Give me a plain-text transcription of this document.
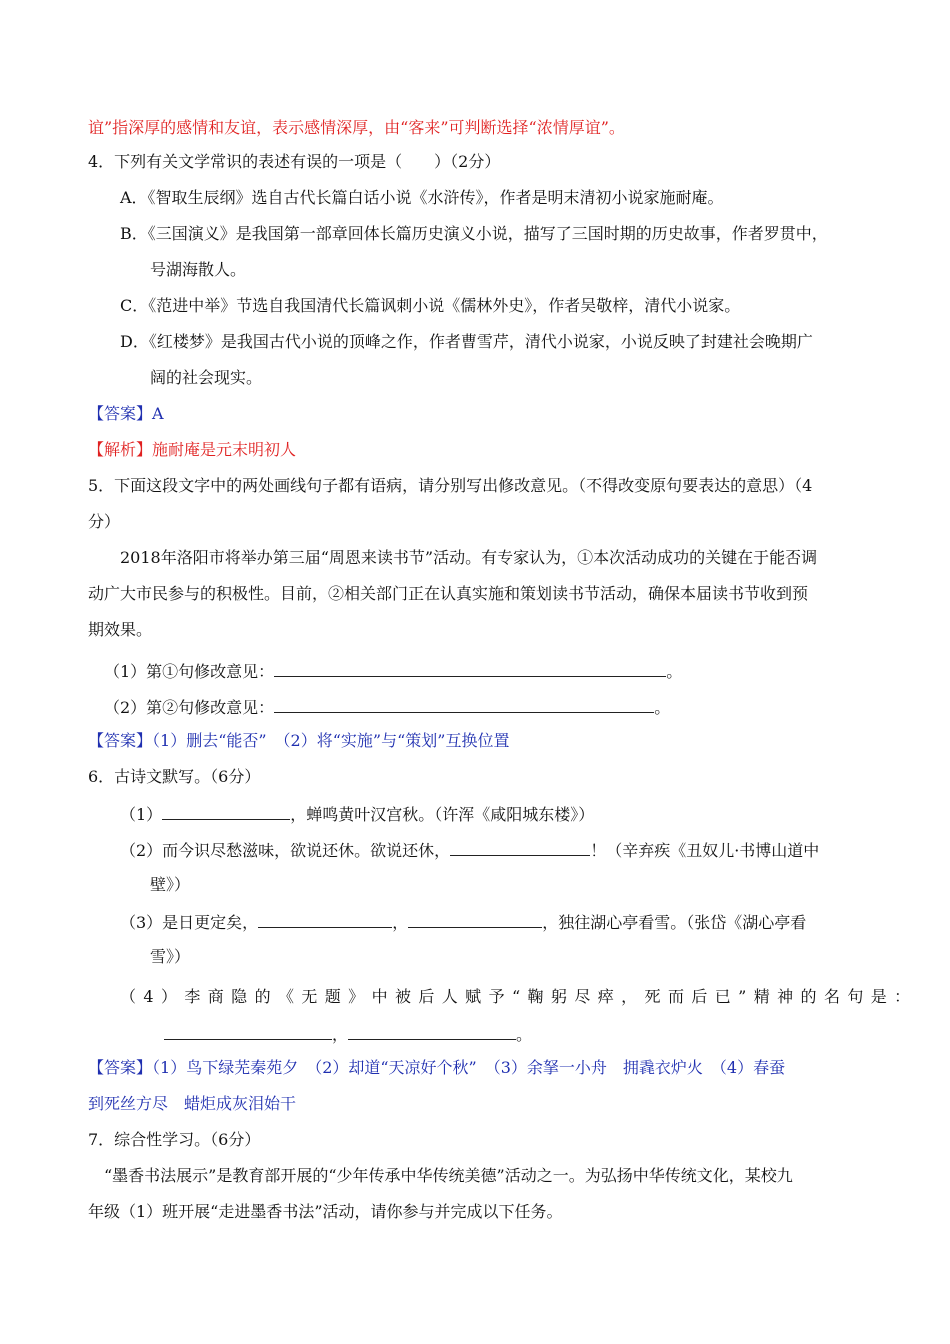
谊”指深厚的感情和友谊，表示感情深厚，由“客来”可判断选择“浓情厚谊”。
4．下列有关文学常识的表述有误的一项是（　　）（2分）
A．《智取生辰纲》选自古代长篇白话小说《水浒传》，作者是明末清初小说家施耐庵。
B．《三国演义》是我国第一部章回体长篇历史演义小说，描写了三国时期的历史故事，作者罗贯中，
号湖海散人。
C．《范进中举》节选自我国清代长篇讽刺小说《儒林外史》，作者吴敬梓，清代小说家。
D．《红楼梦》是我国古代小说的顶峰之作，作者曹雪芹，清代小说家，小说反映了封建社会晚期广
阔的社会现实。
【答案】A
【解析】施耐庵是元末明初人
5．下面这段文字中的两处画线句子都有语病，请分别写出修改意见。（不得改变原句要表达的意思）（4
分）
2018年洛阳市将举办第三届“周恩来读书节”活动。有专家认为，①本次活动成功的关键在于能否调
动广大市民参与的积极性。目前，②相关部门正在认真实施和策划读书节活动，确保本届读书节收到预
期效果。
（1）第①句修改意见：	。
（2）第②句修改意见：	。
【答案】（1）删去“能否”　（2）将“实施”与“策划”互换位置
6．古诗文默写。（6分）
（1）	，蝉鸣黄叶汉宫秋。（许浑《咸阳城东楼》）
（2）而今识尽愁滋味，欲说还休。欲说还休，	！（辛弃疾《丑奴儿·书博山道中
壁》）
（3）是日更定矣，	，	，独往湖心亭看雪。（张岱《湖心亭看
雪》）
（4）李商隐的《无题》中被后人赋予“鞠躬尽瘁，死而后已”精神的名句是：
，	。
【答案】（1）鸟下绿芜秦苑夕　（2）却道“天凉好个秋”　（3）余拏一小舟　拥毳衣炉火　（4）春蚕
到死丝方尽　蜡炬成灰泪始干
7．综合性学习。（6分）
“墨香书法展示”是教育部开展的“少年传承中华传统美德”活动之一。为弘扬中华传统文化，某校九
年级（1）班开展“走进墨香书法”活动，请你参与并完成以下任务。
